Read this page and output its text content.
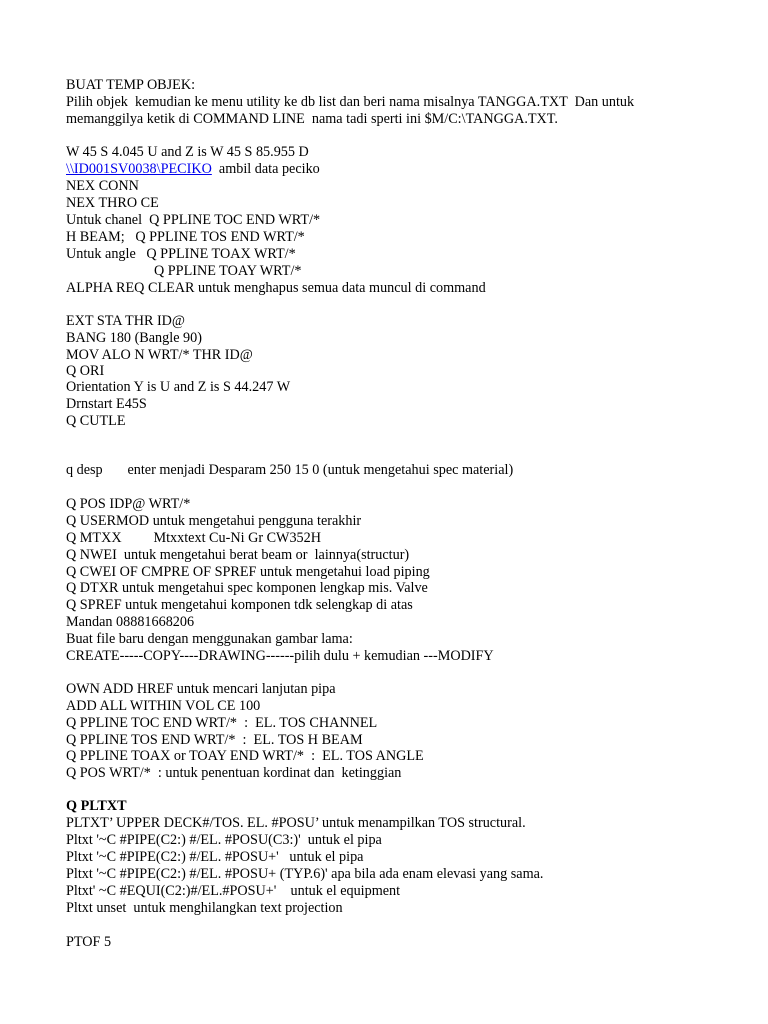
BUAT TEMP OBJEK:
Pilih objek  kemudian ke menu utility ke db list dan beri nama misalnya TANGGA.TXT  Dan untuk
memanggilya ketik di COMMAND LINE  nama tadi sperti ini $M/C:\TANGGA.TXT.
W 45 S 4.045 U and Z is W 45 S 85.955 D
\\ID001SV0038\PECIKO  ambil data peciko
NEX CONN
NEX THRO CE
Untuk chanel  Q PPLINE TOC END WRT/*
H BEAM;   Q PPLINE TOS END WRT/*
Untuk angle   Q PPLINE TOAX WRT/*
Q PPLINE TOAY WRT/*
ALPHA REQ CLEAR untuk menghapus semua data muncul di command
EXT STA THR ID@
BANG 180 (Bangle 90)
MOV ALO N WRT/* THR ID@
Q ORI
Orientation Y is U and Z is S 44.247 W
Drnstart E45S
Q CUTLE
q desp       enter menjadi Desparam 250 15 0 (untuk mengetahui spec material)
Q POS IDP@ WRT/*
Q USERMOD untuk mengetahui pengguna terakhir
Q MTXX         Mtxxtext Cu-Ni Gr CW352H
Q NWEI  untuk mengetahui berat beam or  lainnya(structur)
Q CWEI OF CMPRE OF SPREF untuk mengetahui load piping
Q DTXR untuk mengetahui spec komponen lengkap mis. Valve
Q SPREF untuk mengetahui komponen tdk selengkap di atas
Mandan 08881668206
Buat file baru dengan menggunakan gambar lama:
CREATE-----COPY----DRAWING------pilih dulu + kemudian ---MODIFY
OWN ADD HREF untuk mencari lanjutan pipa
ADD ALL WITHIN VOL CE 100
Q PPLINE TOC END WRT/*  :  EL. TOS CHANNEL
Q PPLINE TOS END WRT/*  :  EL. TOS H BEAM
Q PPLINE TOAX or TOAY END WRT/*  :  EL. TOS ANGLE
Q POS WRT/*  : untuk penentuan kordinat dan  ketinggian
Q PLTXT
PLTXT’ UPPER DECK#/TOS. EL. #POSU’ untuk menampilkan TOS structural.
Pltxt '~C #PIPE(C2:) #/EL. #POSU(C3:)'  untuk el pipa
Pltxt '~C #PIPE(C2:) #/EL. #POSU+'   untuk el pipa
Pltxt '~C #PIPE(C2:) #/EL. #POSU+ (TYP.6)' apa bila ada enam elevasi yang sama.
Pltxt' ~C #EQUI(C2:)#/EL.#POSU+'    untuk el equipment
Pltxt unset  untuk menghilangkan text projection
PTOF 5
